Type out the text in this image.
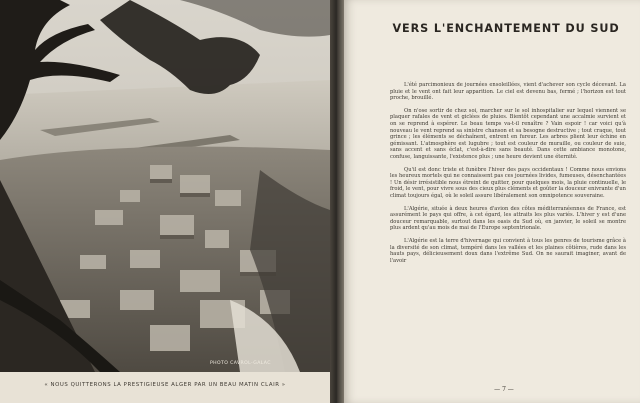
PHOTO CAVROL-GALAC
« NOUS QUITTERONS LA PRESTIGIEUSE ALGER PAR UN BEAU MATIN CLAIR »
VERS L'ENCHANTEMENT DU SUD

L'été parcimonieux de journées ensoleillées, vient d'achever son cycle décevant. La pluie et le vent ont fait leur apparition. Le ciel est devenu bas, fermé ; l'horizon est tout proche, brouillé.

On n'ose sortir de chez soi, marcher sur le sol inhospitalier sur lequel viennent se plaquer rafales de vent et giclées de pluies. Bientôt cependant une accalmie survient et on se reprend à espérer. Le beau temps va-t-il renaître ? Vain espoir ! car voici qu'à nouveau le vent reprend sa sinistre chanson et sa besogne destructive ; tout craque, tout grince ; les éléments se déchaînent, entrent en fureur. Les arbres plient leur échine en gémissant. L'atmosphère est lugubre ; tout est couleur de muraille, ou couleur de suie, sans accent et sans éclat, c'est-à-dire sans beauté. Dans cette ambiance monotone, confuse, languissante, l'existence plus ; une heure devient une éternité.

Qu'il est donc triste et funèbre l'hiver des pays occidentaux ! Comme nous envions les heureux mortels qui ne connaissent pas ces journées livides, fumeuses, désenchantées ! Un désir irrésistible nous étreint de quitter, pour quelques mois, la pluie continuelle, le froid, le vent, pour vivre sous des cieux plus cléments et goûter la douceur enivrante d'un climat toujours égal, où le soleil assure libéralement son omnipotence souveraine.

L'Algérie, située à deux heures d'avion des côtes méditerranéennes de France, est assurément le pays qui offre, à cet égard, les attraits les plus variés. L'hiver y est d'une douceur remarquable, surtout dans les oasis du Sud où, en janvier, le soleil se montre plus ardent qu'au mois de mai de l'Europe septentrionale.

L'Algérie est la terre d'hivernage qui convient à tous les genres de tourisme grâce à la diversité de son climat, tempéré dans les vallées et les plaines côtières, rude dans les hauts pays, délicieusement doux dans l'extrême Sud. On ne saurait imaginer, avant de l'avoir

— 7 —
